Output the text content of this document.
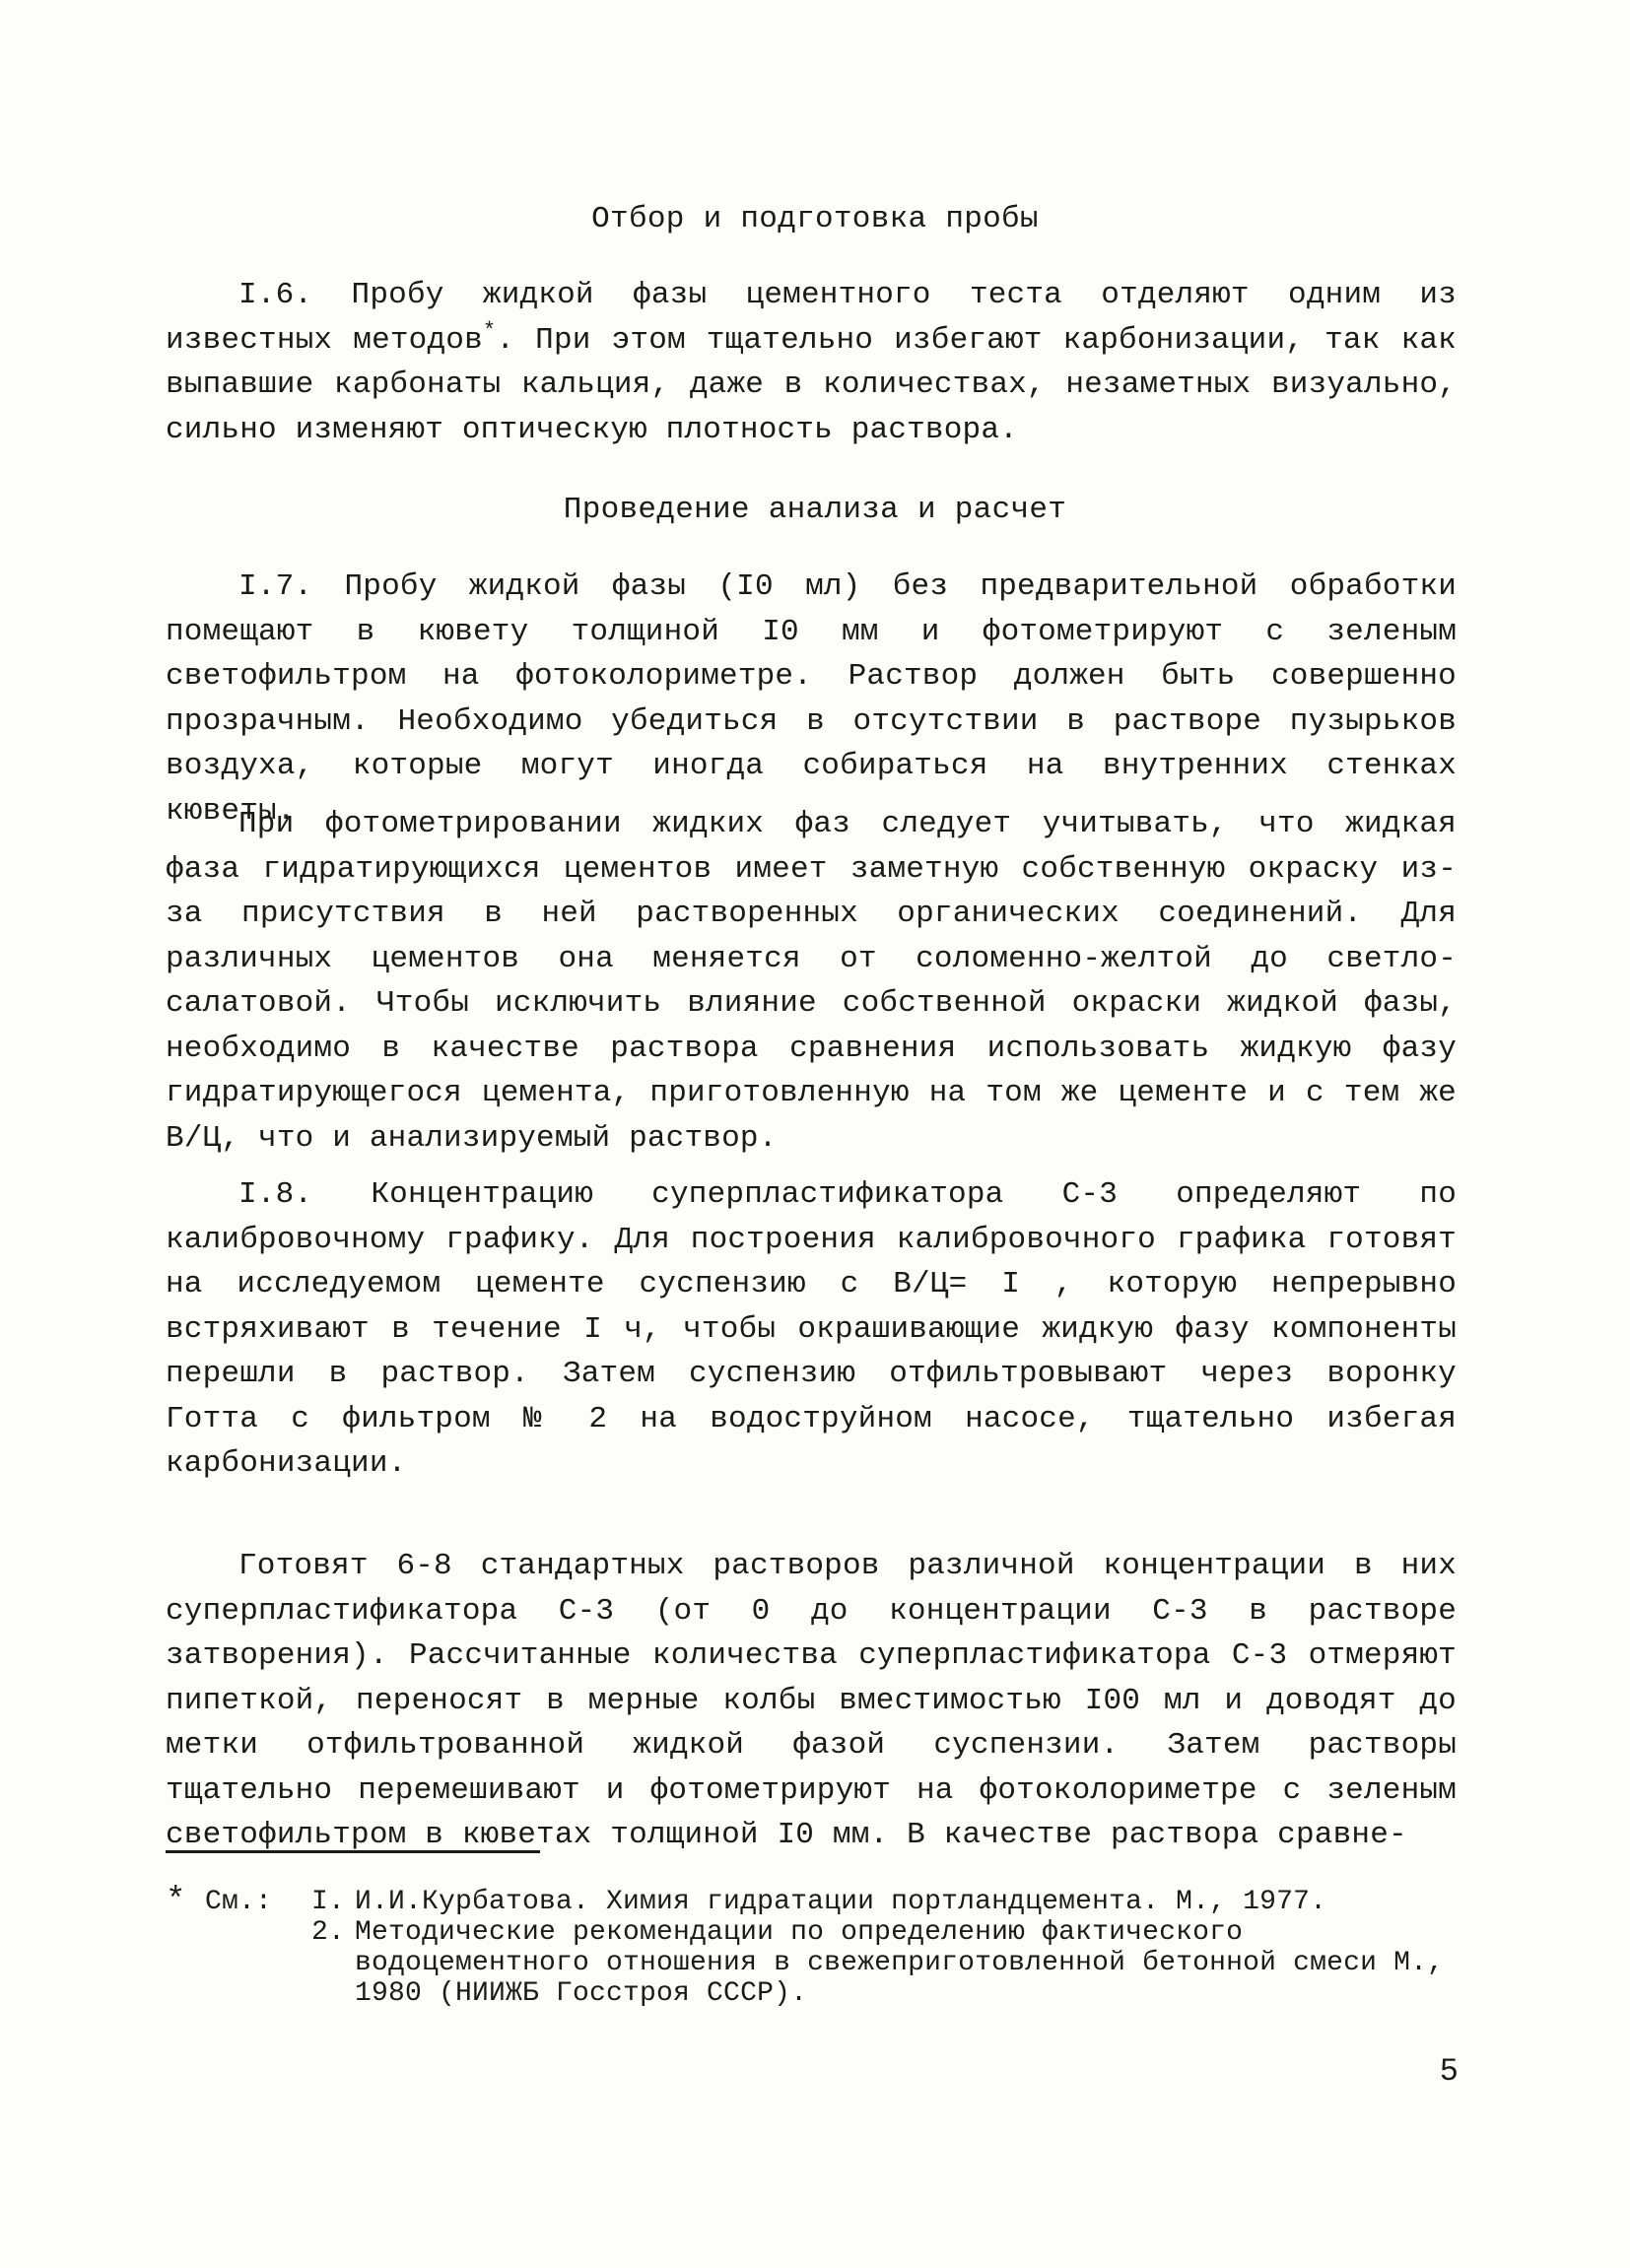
Отбор и подготовка пробы
I.6. Пробу жидкой фазы цементного теста отделяют одним из известных методов*. При этом тщательно избегают карбонизации, так как выпавшие карбонаты кальция, даже в количествах, незаметных визуально, сильно изменяют оптическую плотность раствора.
Проведение анализа и расчет
I.7. Пробу жидкой фазы (I0 мл) без предварительной обработки помещают в кювету толщиной I0 мм и фотометрируют с зеленым светофильтром на фотоколориметре. Раствор должен быть совершенно прозрачным. Необходимо убедиться в отсутствии в растворе пузырьков воздуха, которые могут иногда собираться на внутренних стенках кюветы.
При фотометрировании жидких фаз следует учитывать, что жидкая фаза гидратирующихся цементов имеет заметную собственную окраску из-за присутствия в ней растворенных органических соединений. Для различных цементов она меняется от соломенно-желтой до светло-салатовой. Чтобы исключить влияние собственной окраски жидкой фазы, необходимо в качестве раствора сравнения использовать жидкую фазу гидратирующегося цемента, приготовленную на том же цементе и с тем же В/Ц, что и анализируемый раствор.
I.8. Концентрацию суперпластификатора С-3 определяют по калибровочному графику. Для построения калибровочного графика готовят на исследуемом цементе суспензию с В/Ц= I , которую непрерывно встряхивают в течение I ч, чтобы окрашивающие жидкую фазу компоненты перешли в раствор. Затем суспензию отфильтровывают через воронку Готта с фильтром № 2 на водоструйном насосе, тщательно избегая карбонизации.
Готовят 6-8 стандартных растворов различной концентрации в них суперпластификатора С-3 (от 0 до концентрации С-3 в растворе затворения). Рассчитанные количества суперпластификатора С-3 отмеряют пипеткой, переносят в мерные колбы вместимостью I00 мл и доводят до метки отфильтрованной жидкой фазой суспензии. Затем растворы тщательно перемешивают и фотометрируют на фотоколориметре с зеленым светофильтром в кюветах толщиной I0 мм. В качестве раствора сравне-
* См.:	I. И.И.Курбатова. Химия гидратации портландцемента. М., 1977.
2. Методические рекомендации по определению фактического водоцементного отношения в свежеприготовленной бетонной смеси М., 1980 (НИИЖБ Госстроя СССР).
5
